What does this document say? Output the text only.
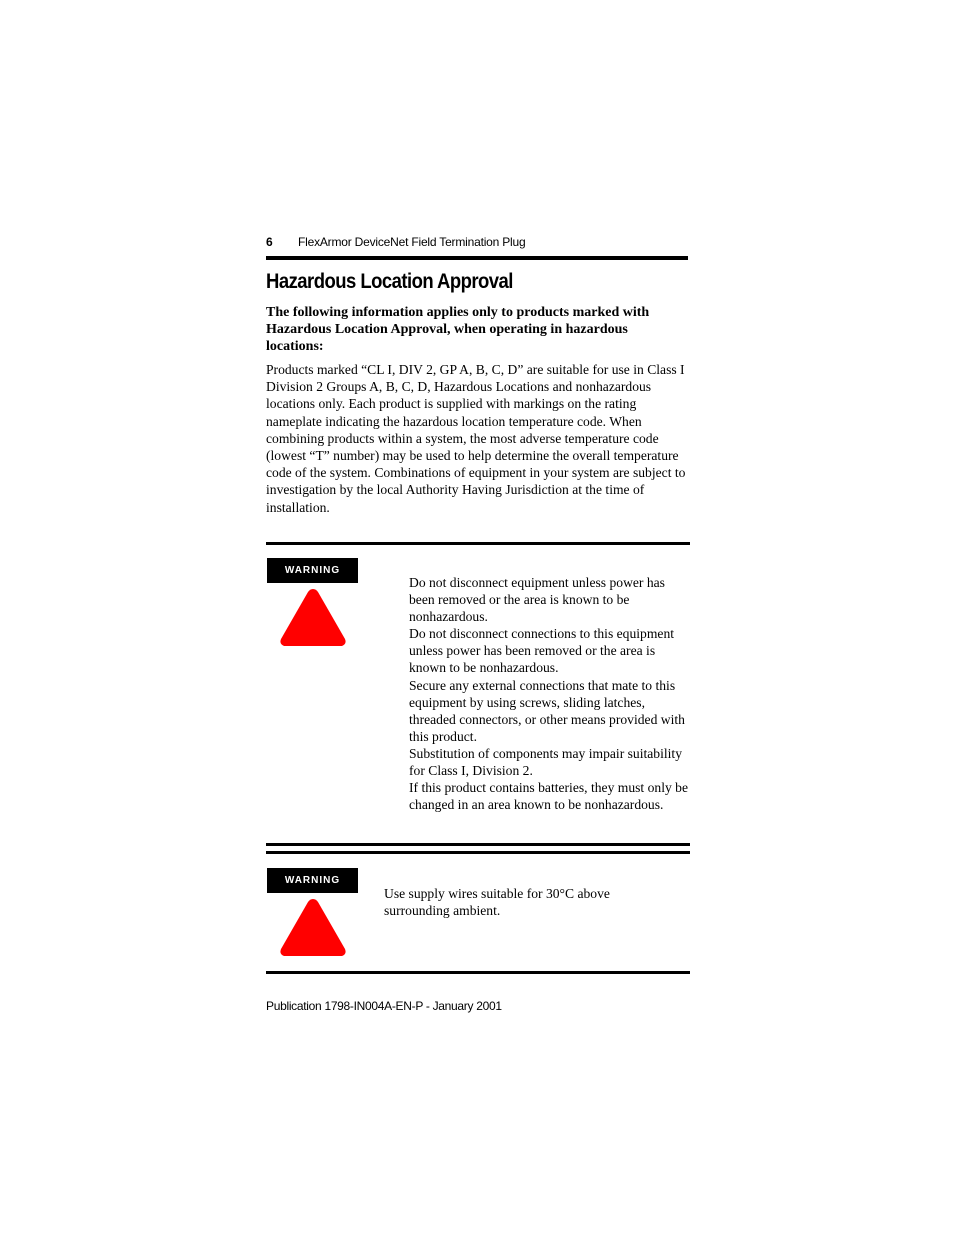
6 FlexArmor DeviceNet Field Termination Plug
Hazardous Location Approval

The following information applies only to products marked with Hazardous Location Approval, when operating in hazardous locations:

Products marked “CL I, DIV 2, GP A, B, C, D” are suitable for use in Class I Division 2 Groups A, B, C, D, Hazardous Locations and nonhazardous locations only. Each product is supplied with markings on the rating nameplate indicating the hazardous location temperature code. When combining products within a system, the most adverse temperature code (lowest “T” number) may be used to help determine the overall temperature code of the system. Combinations of equipment in your system are subject to investigation by the local Authority Having Jurisdiction at the time of installation.

WARNING

Do not disconnect equipment unless power has been removed or the area is known to be nonhazardous.
Do not disconnect connections to this equipment unless power has been removed or the area is known to be nonhazardous.
Secure any external connections that mate to this equipment by using screws, sliding latches, threaded connectors, or other means provided with this product.
Substitution of components may impair suitability for Class I, Division 2.
If this product contains batteries, they must only be changed in an area known to be nonhazardous.

WARNING

Use supply wires suitable for 30°C above surrounding ambient.

Publication 1798-IN004A-EN-P - January 2001
